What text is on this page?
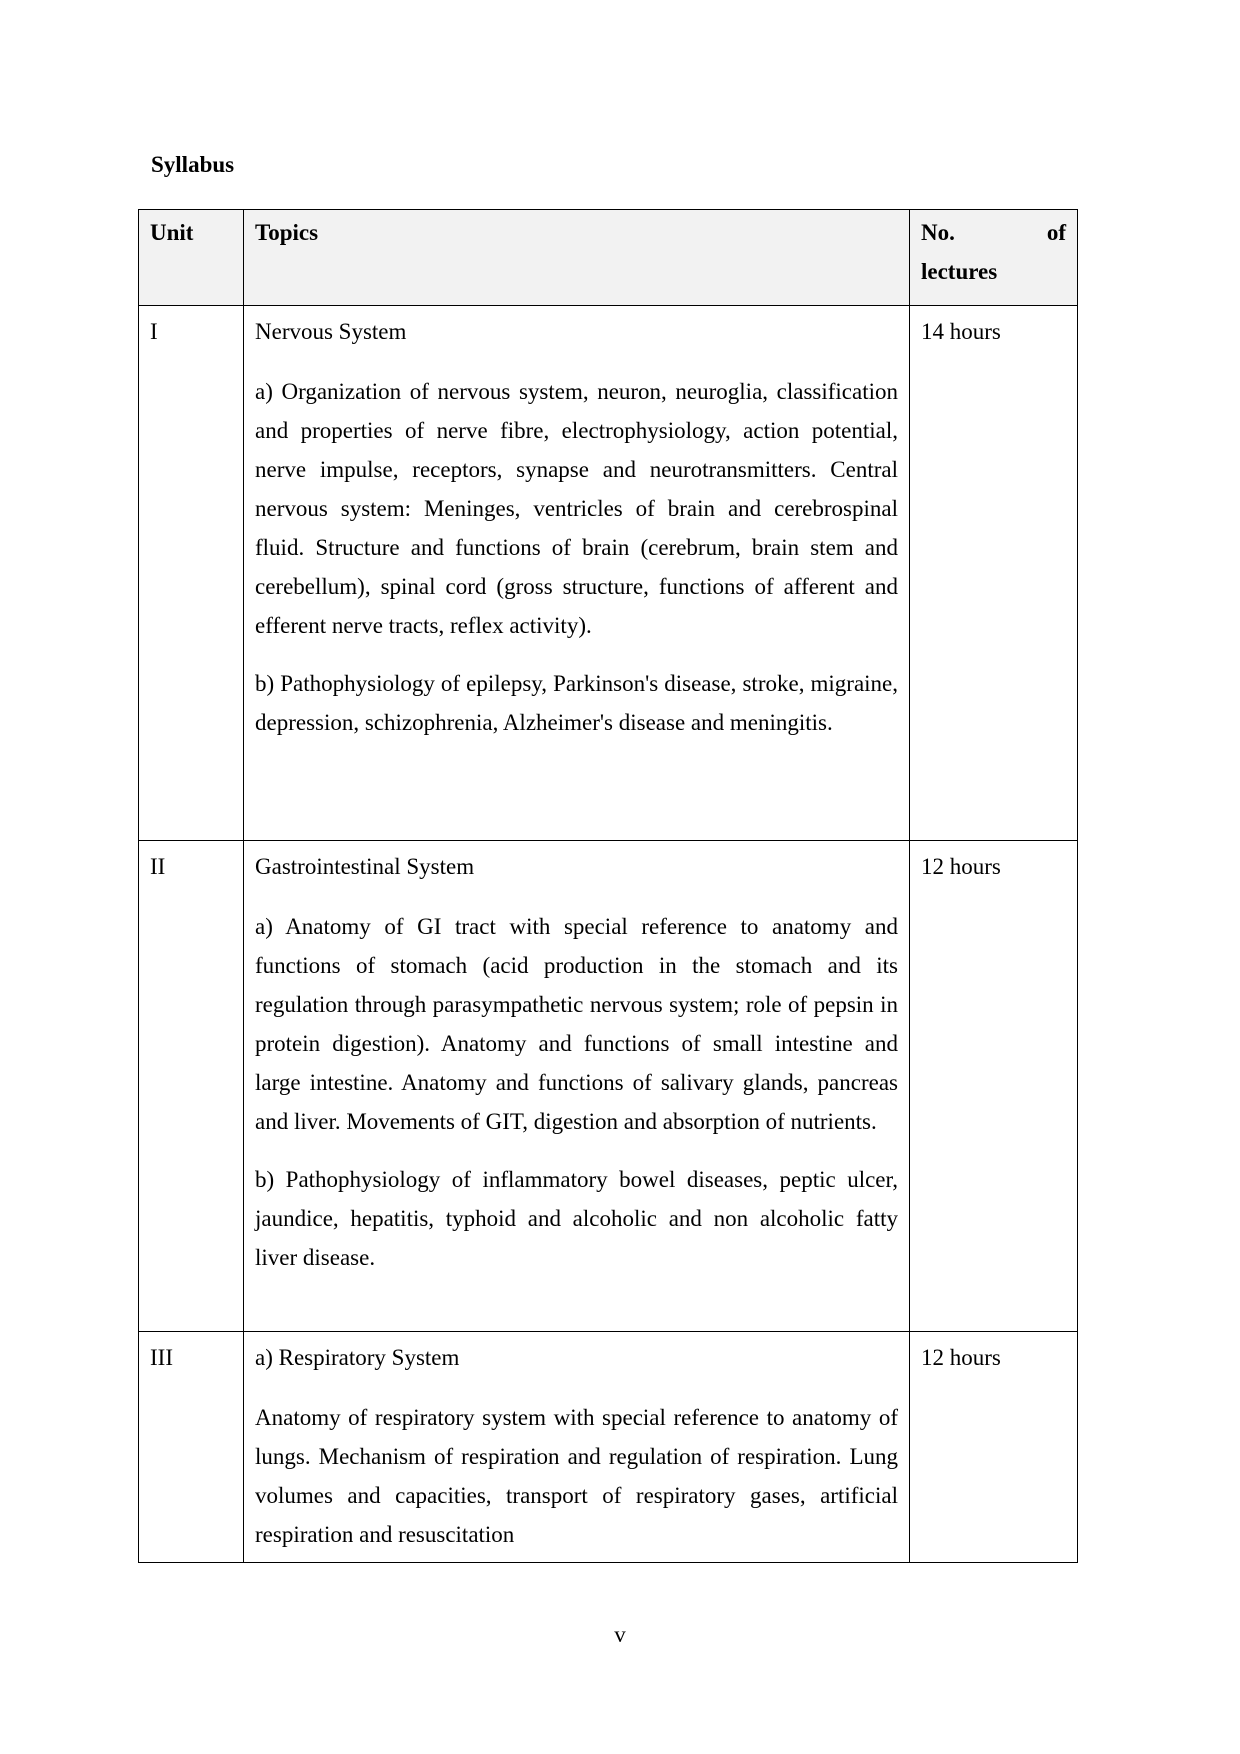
Syllabus
Unit	Topics	No. of
lectures

I	Nervous System

a) Organization of nervous system, neuron, neuroglia, classification and properties of nerve fibre, electrophysiology, action potential, nerve impulse, receptors, synapse and neurotransmitters. Central nervous system: Meninges, ventricles of brain and cerebrospinal fluid. Structure and functions of brain (cerebrum, brain stem and cerebellum), spinal cord (gross structure, functions of afferent and efferent nerve tracts, reflex activity).

b) Pathophysiology of epilepsy, Parkinson's disease, stroke, migraine, depression, schizophrenia, Alzheimer's disease and meningitis.	14 hours
II	Gastrointestinal System

a) Anatomy of GI tract with special reference to anatomy and functions of stomach (acid production in the stomach and its regulation through parasympathetic nervous system; role of pepsin in protein digestion). Anatomy and functions of small intestine and large intestine. Anatomy and functions of salivary glands, pancreas and liver. Movements of GIT, digestion and absorption of nutrients.

b) Pathophysiology of inflammatory bowel diseases, peptic ulcer, jaundice, hepatitis, typhoid and alcoholic and non alcoholic fatty liver disease.	12 hours
III	a) Respiratory System

Anatomy of respiratory system with special reference to anatomy of lungs. Mechanism of respiration and regulation of respiration. Lung volumes and capacities, transport of respiratory gases, artificial respiration and resuscitation	12 hours
v
